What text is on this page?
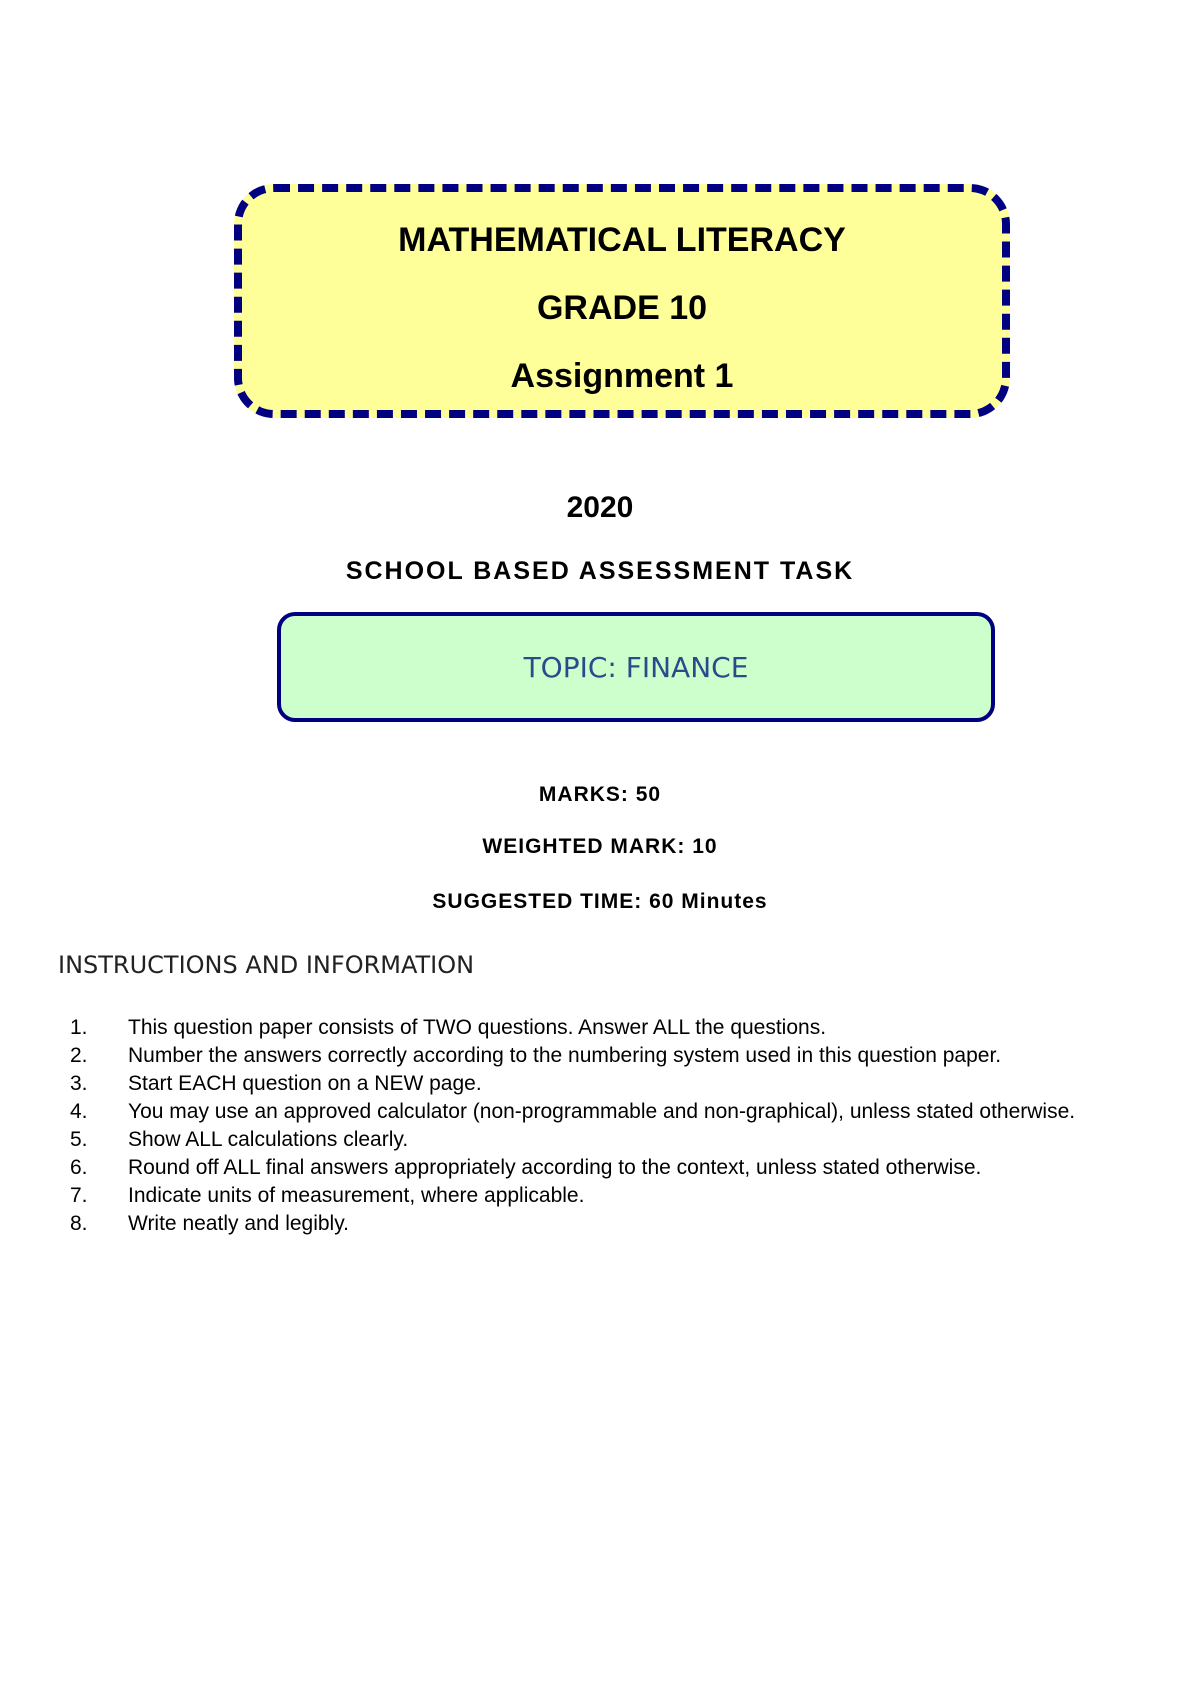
MATHEMATICAL LITERACY
GRADE 10
Assignment 1
2020
SCHOOL BASED ASSESSMENT TASK
TOPIC: FINANCE
MARKS: 50
WEIGHTED MARK: 10
SUGGESTED TIME: 60 Minutes
INSTRUCTIONS AND INFORMATION
1.	This question paper consists of TWO questions. Answer ALL the questions.
2.	Number the answers correctly according to the numbering system used in this question paper.
3.	Start EACH question on a NEW page.
4.	You may use an approved calculator (non-programmable and non-graphical), unless stated otherwise.
5.	Show ALL calculations clearly.
6.	Round off ALL final answers appropriately according to the context, unless stated otherwise.
7.	Indicate units of measurement, where applicable.
8.	Write neatly and legibly.
